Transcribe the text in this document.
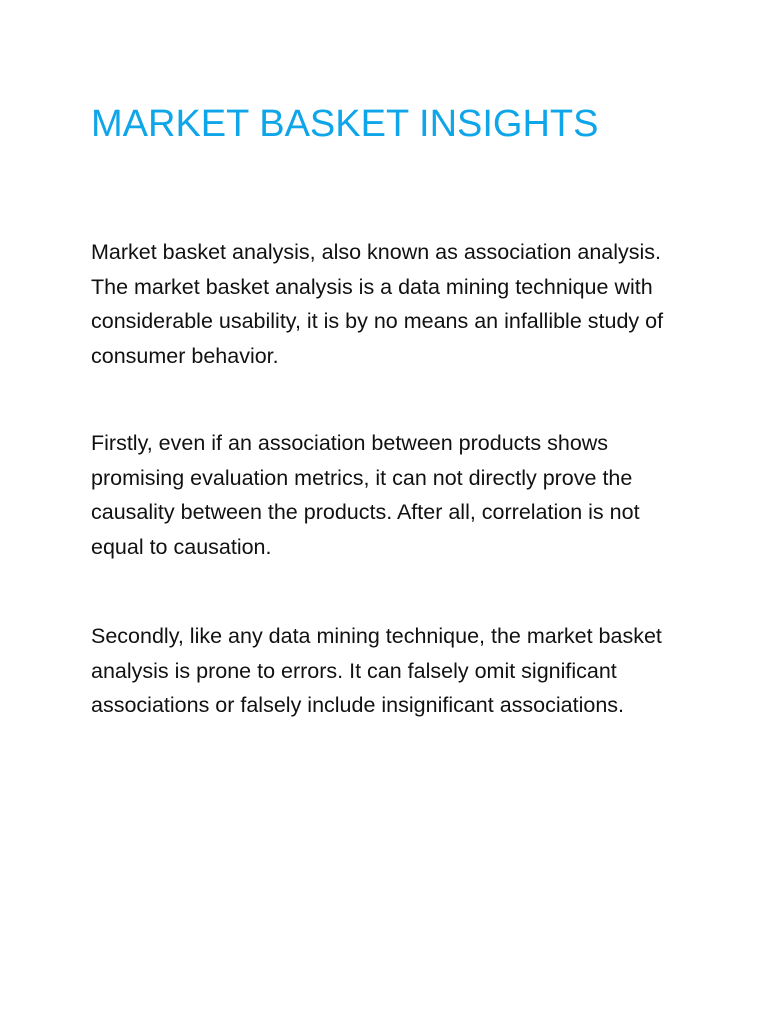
MARKET BASKET INSIGHTS

Market basket analysis, also known as association analysis. The market basket analysis is a data mining technique with considerable usability, it is by no means an infallible study of consumer behavior.

Firstly, even if an association between products shows promising evaluation metrics, it can not directly prove the causality between the products. After all, correlation is not equal to causation.

Secondly, like any data mining technique, the market basket analysis is prone to errors. It can falsely omit significant associations or falsely include insignificant associations.
